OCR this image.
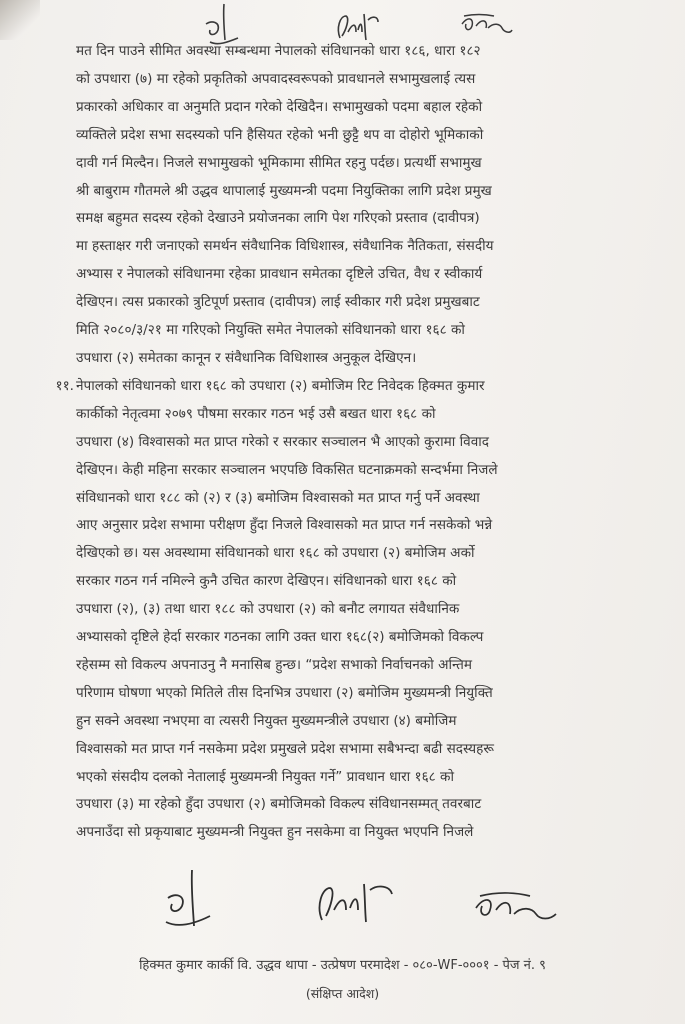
मत दिन पाउने सीमित अवस्था सम्बन्धमा नेपालको संविधानको धारा १८६, धारा १८२
को उपधारा (७) मा रहेको प्रकृतिको अपवादस्वरूपको प्रावधानले सभामुखलाई त्यस
प्रकारको अधिकार वा अनुमति प्रदान गरेको देखिदैन। सभामुखको पदमा बहाल रहेको
व्यक्तिले प्रदेश सभा सदस्यको पनि हैसियत रहेको भनी छुट्टै थप वा दोहोरो भूमिकाको
दावी गर्न मिल्दैन। निजले सभामुखको भूमिकामा सीमित रहनु पर्दछ। प्रत्यर्थी सभामुख
श्री बाबुराम गौतमले श्री उद्धव थापालाई मुख्यमन्त्री पदमा नियुक्तिका लागि प्रदेश प्रमुख
समक्ष बहुमत सदस्य रहेको देखाउने प्रयोजनका लागि पेश गरिएको प्रस्ताव (दावीपत्र)
मा हस्ताक्षर गरी जनाएको समर्थन संवैधानिक विधिशास्त्र, संवैधानिक नैतिकता, संसदीय
अभ्यास र नेपालको संविधानमा रहेका प्रावधान समेतका दृष्टिले उचित, वैध र स्वीकार्य
देखिएन। त्यस प्रकारको त्रुटिपूर्ण प्रस्ताव (दावीपत्र) लाई स्वीकार गरी प्रदेश प्रमुखबाट
मिति २०८०/३/२१ मा गरिएको नियुक्ति समेत नेपालको संविधानको धारा १६८ को
उपधारा (२) समेतका कानून र संवैधानिक विधिशास्त्र अनुकूल देखिएन।
११. नेपालको संविधानको धारा १६८ को उपधारा (२) बमोजिम रिट निवेदक हिक्मत कुमार
कार्कीको नेतृत्वमा २०७९ पौषमा सरकार गठन भई उसै बखत धारा १६८ को
उपधारा (४) विश्वासको मत प्राप्त गरेको र सरकार सञ्चालन भै आएको कुरामा विवाद
देखिएन। केही महिना सरकार सञ्चालन भएपछि विकसित घटनाक्रमको सन्दर्भमा निजले
संविधानको धारा १८८ को (२) र (३) बमोजिम विश्वासको मत प्राप्त गर्नु पर्ने अवस्था
आए अनुसार प्रदेश सभामा परीक्षण हुँदा निजले विश्वासको मत प्राप्त गर्न नसकेको भन्ने
देखिएको छ। यस अवस्थामा संविधानको धारा १६८ को उपधारा (२) बमोजिम अर्को
सरकार गठन गर्न नमिल्ने कुनै उचित कारण देखिएन। संविधानको धारा १६८ को
उपधारा (२), (३) तथा धारा १८८ को उपधारा (२) को बनौट लगायत संवैधानिक
अभ्यासको दृष्टिले हेर्दा सरकार गठनका लागि उक्त धारा १६८(२) बमोजिमको विकल्प
रहेसम्म सो विकल्प अपनाउनु नै मनासिब हुन्छ। “प्रदेश सभाको निर्वाचनको अन्तिम
परिणाम घोषणा भएको मितिले तीस दिनभित्र उपधारा (२) बमोजिम मुख्यमन्त्री नियुक्ति
हुन सक्ने अवस्था नभएमा वा त्यसरी नियुक्त मुख्यमन्त्रीले उपधारा (४) बमोजिम
विश्वासको मत प्राप्त गर्न नसकेमा प्रदेश प्रमुखले प्रदेश सभामा सबैभन्दा बढी सदस्यहरू
भएको संसदीय दलको नेतालाई मुख्यमन्त्री नियुक्त गर्ने” प्रावधान धारा १६८ को
उपधारा (३) मा रहेको हुँदा उपधारा (२) बमोजिमको विकल्प संविधानसम्मत् तवरबाट
अपनाउँदा सो प्रकृयाबाट मुख्यमन्त्री नियुक्त हुन नसकेमा वा नियुक्त भएपनि निजले
हिक्मत कुमार कार्की वि. उद्धव थापा - उत्प्रेषण परमादेश - ०८०-WF-०००१ - पेज नं. ९
(संक्षिप्त आदेश)
